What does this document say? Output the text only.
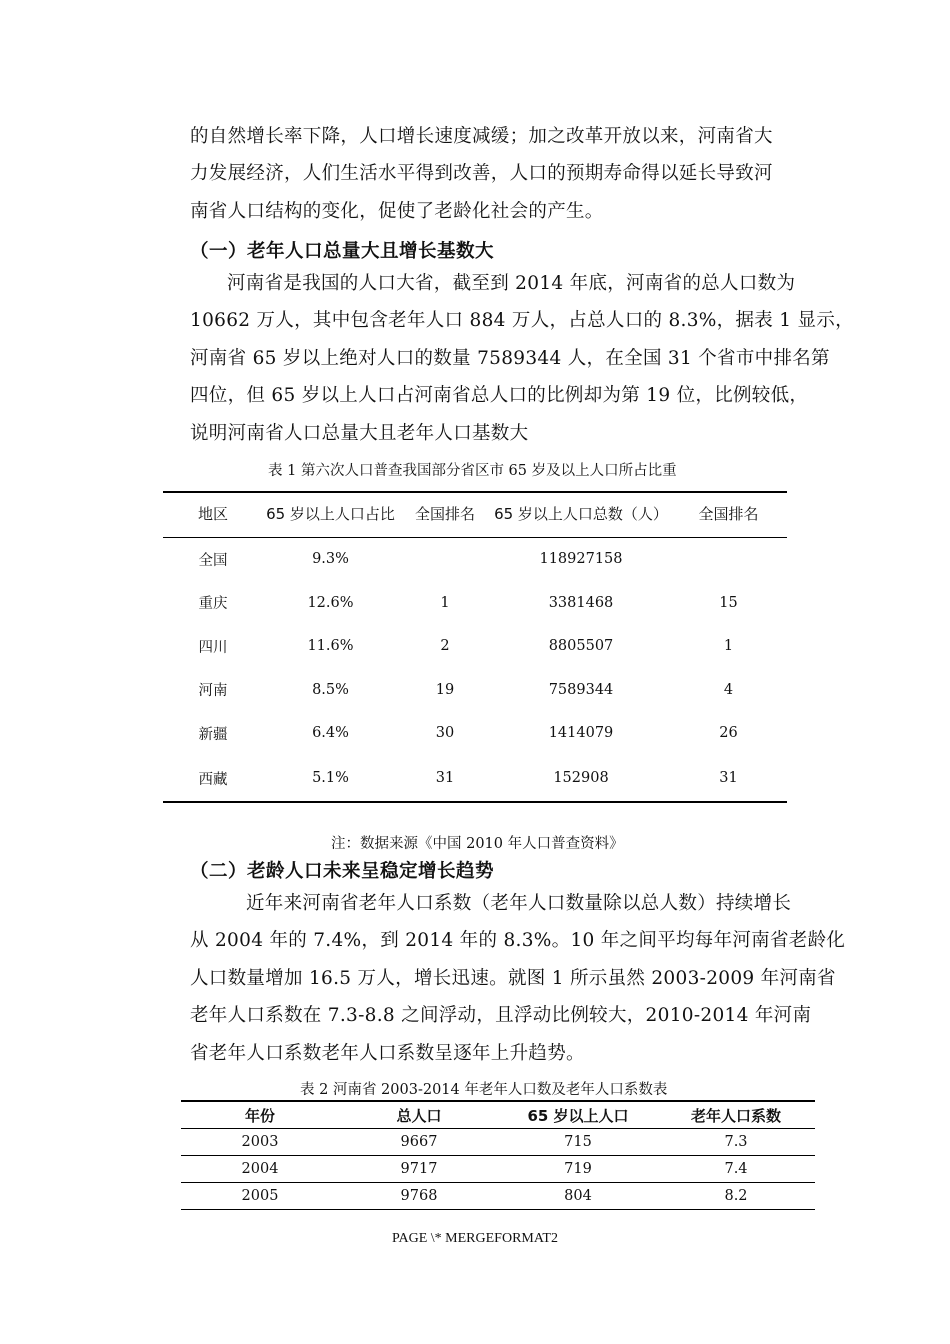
的自然增长率下降，人口增长速度减缓；加之改革开放以来，河南省大
力发展经济，人们生活水平得到改善，人口的预期寿命得以延长导致河
南省人口结构的变化，促使了老龄化社会的产生。

（一）老年人口总量大且增长基数大

河南省是我国的人口大省，截至到 2014 年底，河南省的总人口数为
10662 万人，其中包含老年人口 884 万人，占总人口的 8.3%，据表 1 显示，
河南省 65 岁以上绝对人口的数量 7589344 人，在全国 31 个省市中排名第
四位，但 65 岁以上人口占河南省总人口的比例却为第 19 位，比例较低，
说明河南省人口总量大且老年人口基数大

表 1 第六次人口普查我国部分省区市 65 岁及以上人口所占比重

地区	65 岁以上人口占比	全国排名	65 岁以上人口总数（人）	全国排名
全国	9.3%		118927158	
重庆	12.6%	1	3381468	15
四川	11.6%	2	8805507	1
河南	8.5%	19	7589344	4
新疆	6.4%	30	1414079	26
西藏	5.1%	31	152908	31

注：数据来源《中国 2010 年人口普查资料》

（二）老龄人口未来呈稳定增长趋势

近年来河南省老年人口系数（老年人口数量除以总人数）持续增长
从 2004 年的 7.4%，到 2014 年的 8.3%。10 年之间平均每年河南省老龄化
人口数量增加 16.5 万人，增长迅速。就图 1 所示虽然 2003-2009 年河南省
老年人口系数在 7.3-8.8 之间浮动，且浮动比例较大，2010-2014 年河南
省老年人口系数老年人口系数呈逐年上升趋势。

表 2 河南省 2003-2014 年老年人口数及老年人口系数表

年份	总人口	65 岁以上人口	老年人口系数
2003	9667	715	7.3
2004	9717	719	7.4
2005	9768	804	8.2
PAGE \* MERGEFORMAT2
